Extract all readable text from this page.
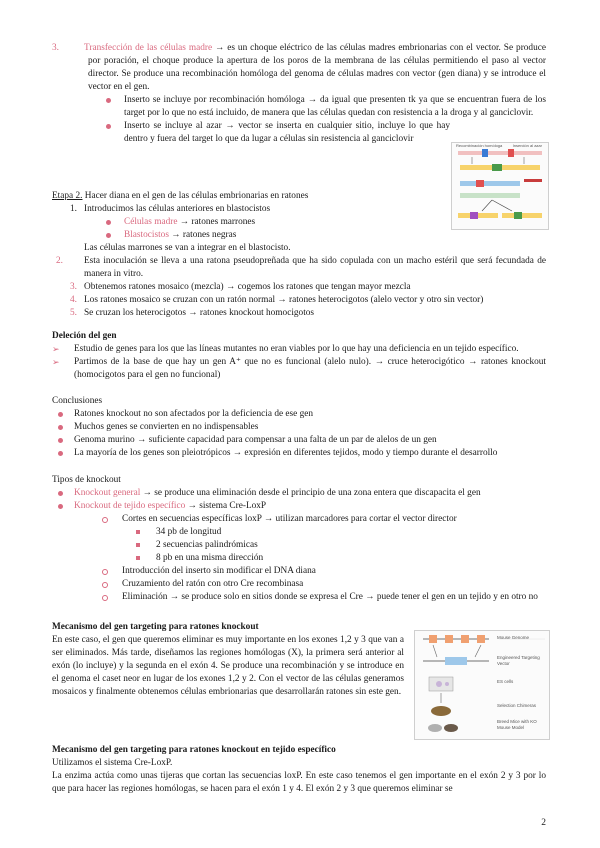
3.	Transfección de las células madre → es un choque eléctrico de las células madres embrionarias con el vector. Se produce por poración, el choque produce la apertura de los poros de la membrana de las células permitiendo el paso al vector director. Se produce una recombinación homóloga del genoma de células madres con vector (gen diana) y se introduce el vector en el gen.

Inserto se incluye por recombinación homóloga → da igual que presenten tk ya que se encuentran fuera de los target por lo que no está incluido, de manera que las células quedan con resistencia a la droga y al ganciclovir.
Inserto se incluye al azar → vector se inserta en cualquier sitio, incluye lo que hay dentro y fuera del target lo que da lugar a células sin resistencia al ganciclovir

Etapa 2. Hacer diana en el gen de las células embrionarias en ratones

1. Introducimos las células anteriores en blastocistos

Células madre → ratones marrones
Blastocistos → ratones negras

Las células marrones se van a integrar en el blastocisto.

2. Esta inoculación se lleva a una ratona pseudopreñada que ha sido copulada con un macho estéril que será fecundada de manera in vitro.

3. Obtenemos ratones mosaico (mezcla) → cogemos los ratones que tengan mayor mezcla

4. Los ratones mosaico se cruzan con un ratón normal → ratones heterocigotos (alelo vector y otro sin vector)

5. Se cruzan los heterocigotos → ratones knockout homocigotos

Deleción del gen

➢ Estudio de genes para los que las líneas mutantes no eran viables por lo que hay una deficiencia en un tejido específico.
➢ Partimos de la base de que hay un gen A⁺ que no es funcional (alelo nulo). → cruce heterocigótico → ratones knockout (homocigotos para el gen no funcional)

Conclusiones

Ratones knockout no son afectados por la deficiencia de ese gen
Muchos genes se convierten en no indispensables
Genoma murino → suficiente capacidad para compensar a una falta de un par de alelos de un gen
La mayoría de los genes son pleiotrópicos → expresión en diferentes tejidos, modo y tiempo durante el desarrollo

Tipos de knockout

Knockout general → se produce una eliminación desde el principio de una zona entera que discapacita el gen
Knockout de tejido específico → sistema Cre-LoxP
Cortes en secuencias específicas loxP → utilizan marcadores para cortar el vector director
34 pb de longitud
2 secuencias palindrómicas
8 pb en una misma dirección
Introducción del inserto sin modificar el DNA diana
Cruzamiento del ratón con otro Cre recombinasa
Eliminación → se produce solo en sitios donde se expresa el Cre → puede tener el gen en un tejido y en otro no

Mecanismo del gen targeting para ratones knockout

En este caso, el gen que queremos eliminar es muy importante en los exones 1,2 y 3 que van a ser eliminados. Más tarde, diseñamos las regiones homólogas (X), la primera será anterior al exón (lo incluye) y la segunda en el exón 4. Se produce una recombinación y se introduce en el genoma el caset neor en lugar de los exones 1,2 y 2. Con el vector de las células generamos mosaicos y finalmente obtenemos células embrionarias que desarrollarán ratones sin este gen.

Mouse Genome
Engineered Targeting Vector
ES cells
Selection Chimeras
Breed Mice with KO Mouse Model

Mecanismo del gen targeting para ratones knockout en tejido específico

Utilizamos el sistema Cre-LoxP.

La enzima actúa como unas tijeras que cortan las secuencias loxP. En este caso tenemos el gen importante en el exón 2 y 3 por lo que para hacer las regiones homólogas, se hacen para el exón 1 y 4. El exón 2 y 3 que queremos eliminar se

2
Recombinación homóloga	Inserción al azar
